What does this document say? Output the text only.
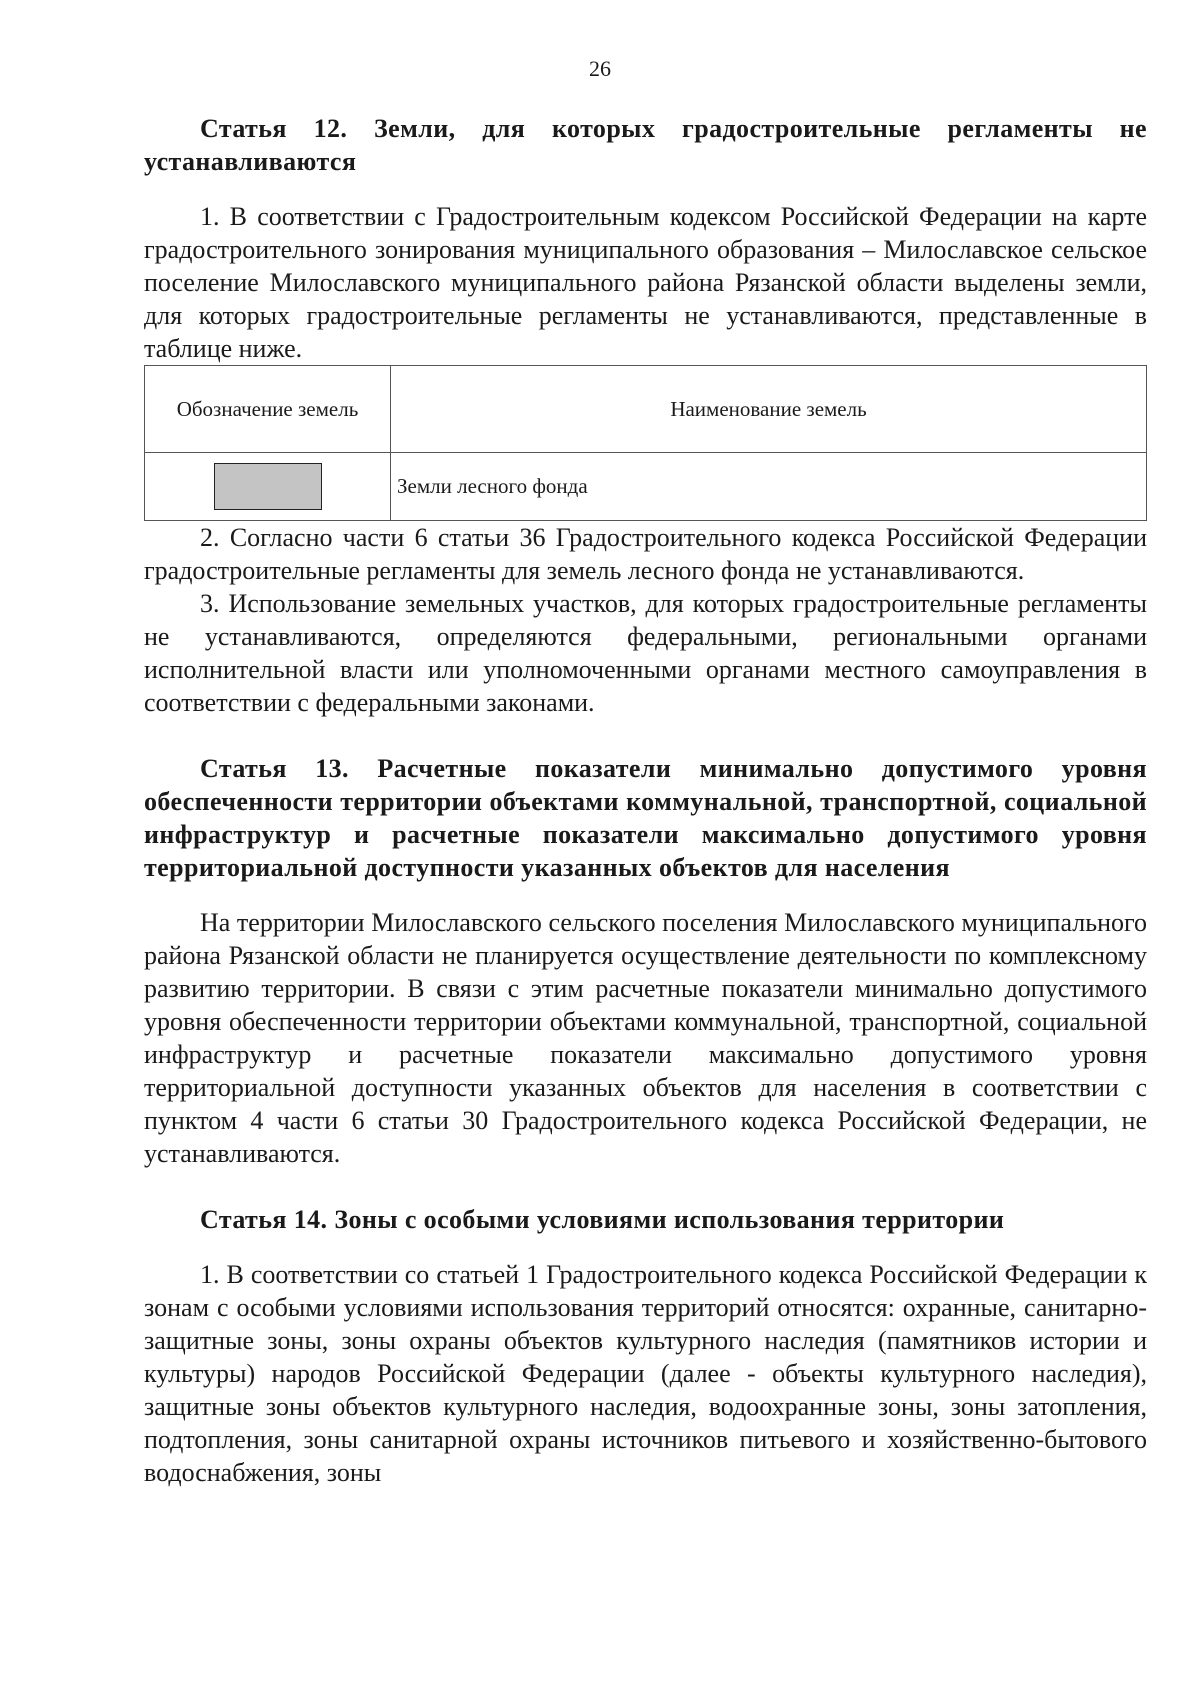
26

Статья 12. Земли, для которых градостроительные регламенты не устанавливаются

1. В соответствии с Градостроительным кодексом Российской Федерации на карте градостроительного зонирования муниципального образования – Милославское сельское поселение Милославского муниципального района Рязанской области выделены земли, для которых градостроительные регламенты не устанавливаются, представленные в таблице ниже.

Обозначение земель	Наименование земель
	Земли лесного фонда

2. Согласно части 6 статьи 36 Градостроительного кодекса Российской Федерации градостроительные регламенты для земель лесного фонда не устанавливаются.

3. Использование земельных участков, для которых градостроительные регламенты не устанавливаются, определяются федеральными, региональными органами исполнительной власти или уполномоченными органами местного самоуправления в соответствии с федеральными законами.

Статья 13. Расчетные показатели минимально допустимого уровня обеспеченности территории объектами коммунальной, транспортной, социальной инфраструктур и расчетные показатели максимально допустимого уровня территориальной доступности указанных объектов для населения

На территории Милославского сельского поселения Милославского муниципального района Рязанской области не планируется осуществление деятельности по комплексному развитию территории. В связи с этим расчетные показатели минимально допустимого уровня обеспеченности территории объектами коммунальной, транспортной, социальной инфраструктур и расчетные показатели максимально допустимого уровня территориальной доступности указанных объектов для населения в соответствии с пунктом 4 части 6 статьи 30 Градостроительного кодекса Российской Федерации, не устанавливаются.

Статья 14. Зоны с особыми условиями использования территории

1. В соответствии со статьей 1 Градостроительного кодекса Российской Федерации к зонам с особыми условиями использования территорий относятся: охранные, санитарно-защитные зоны, зоны охраны объектов культурного наследия (памятников истории и культуры) народов Российской Федерации (далее - объекты культурного наследия), защитные зоны объектов культурного наследия, водоохранные зоны, зоны затопления, подтопления, зоны санитарной охраны источников питьевого и хозяйственно-бытового водоснабжения, зоны
